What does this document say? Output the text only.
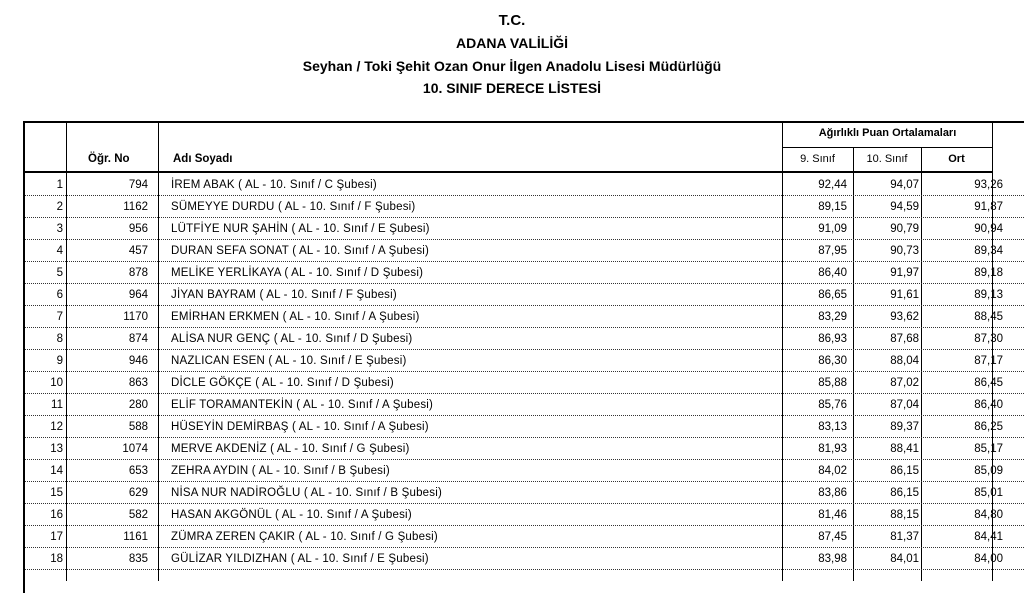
T.C.
ADANA VALİLİĞİ
Seyhan / Toki Şehit Ozan Onur İlgen Anadolu Lisesi Müdürlüğü
10. SINIF DERECE LİSTESİ
Öğr. No	Adı Soyadı
Ağırlıklı Puan Ortalamaları
9. Sınıf	10. Sınıf	Ort
1	794 İREM ABAK ( AL - 10. Sınıf / C Şubesi)	92,44	94,07	93,26
2	1162 SÜMEYYE DURDU ( AL - 10. Sınıf / F Şubesi)	89,15	94,59	91,87
3	956 LÜTFİYE NUR ŞAHİN ( AL - 10. Sınıf / E Şubesi)	91,09	90,79	90,94
4	457 DURAN SEFA SONAT ( AL - 10. Sınıf / A Şubesi)	87,95	90,73	89,34
5	878 MELİKE YERLİKAYA ( AL - 10. Sınıf / D Şubesi)	86,40	91,97	89,18
6	964 JİYAN BAYRAM ( AL - 10. Sınıf / F Şubesi)	86,65	91,61	89,13
7	1170 EMİRHAN ERKMEN ( AL - 10. Sınıf / A Şubesi)	83,29	93,62	88,45
8	874 ALİSA NUR GENÇ ( AL - 10. Sınıf / D Şubesi)	86,93	87,68	87,30
9	946 NAZLICAN ESEN ( AL - 10. Sınıf / E Şubesi)	86,30	88,04	87,17
10	863 DİCLE GÖKÇE ( AL - 10. Sınıf / D Şubesi)	85,88	87,02	86,45
11	280 ELİF TORAMANTEKİN ( AL - 10. Sınıf / A Şubesi)	85,76	87,04	86,40
12	588 HÜSEYİN DEMİRBAŞ ( AL - 10. Sınıf / A Şubesi)	83,13	89,37	86,25
13	1074 MERVE AKDENİZ ( AL - 10. Sınıf / G Şubesi)	81,93	88,41	85,17
14	653 ZEHRA AYDIN ( AL - 10. Sınıf / B Şubesi)	84,02	86,15	85,09
15	629 NİSA NUR NADİROĞLU ( AL - 10. Sınıf / B Şubesi)	83,86	86,15	85,01
16	582 HASAN AKGÖNÜL ( AL - 10. Sınıf / A Şubesi)	81,46	88,15	84,80
17	1161 ZÜMRA ZEREN ÇAKIR ( AL - 10. Sınıf / G Şubesi)	87,45	81,37	84,41
18	835 GÜLİZAR YILDIZHAN ( AL - 10. Sınıf / E Şubesi)	83,98	84,01	84,00
